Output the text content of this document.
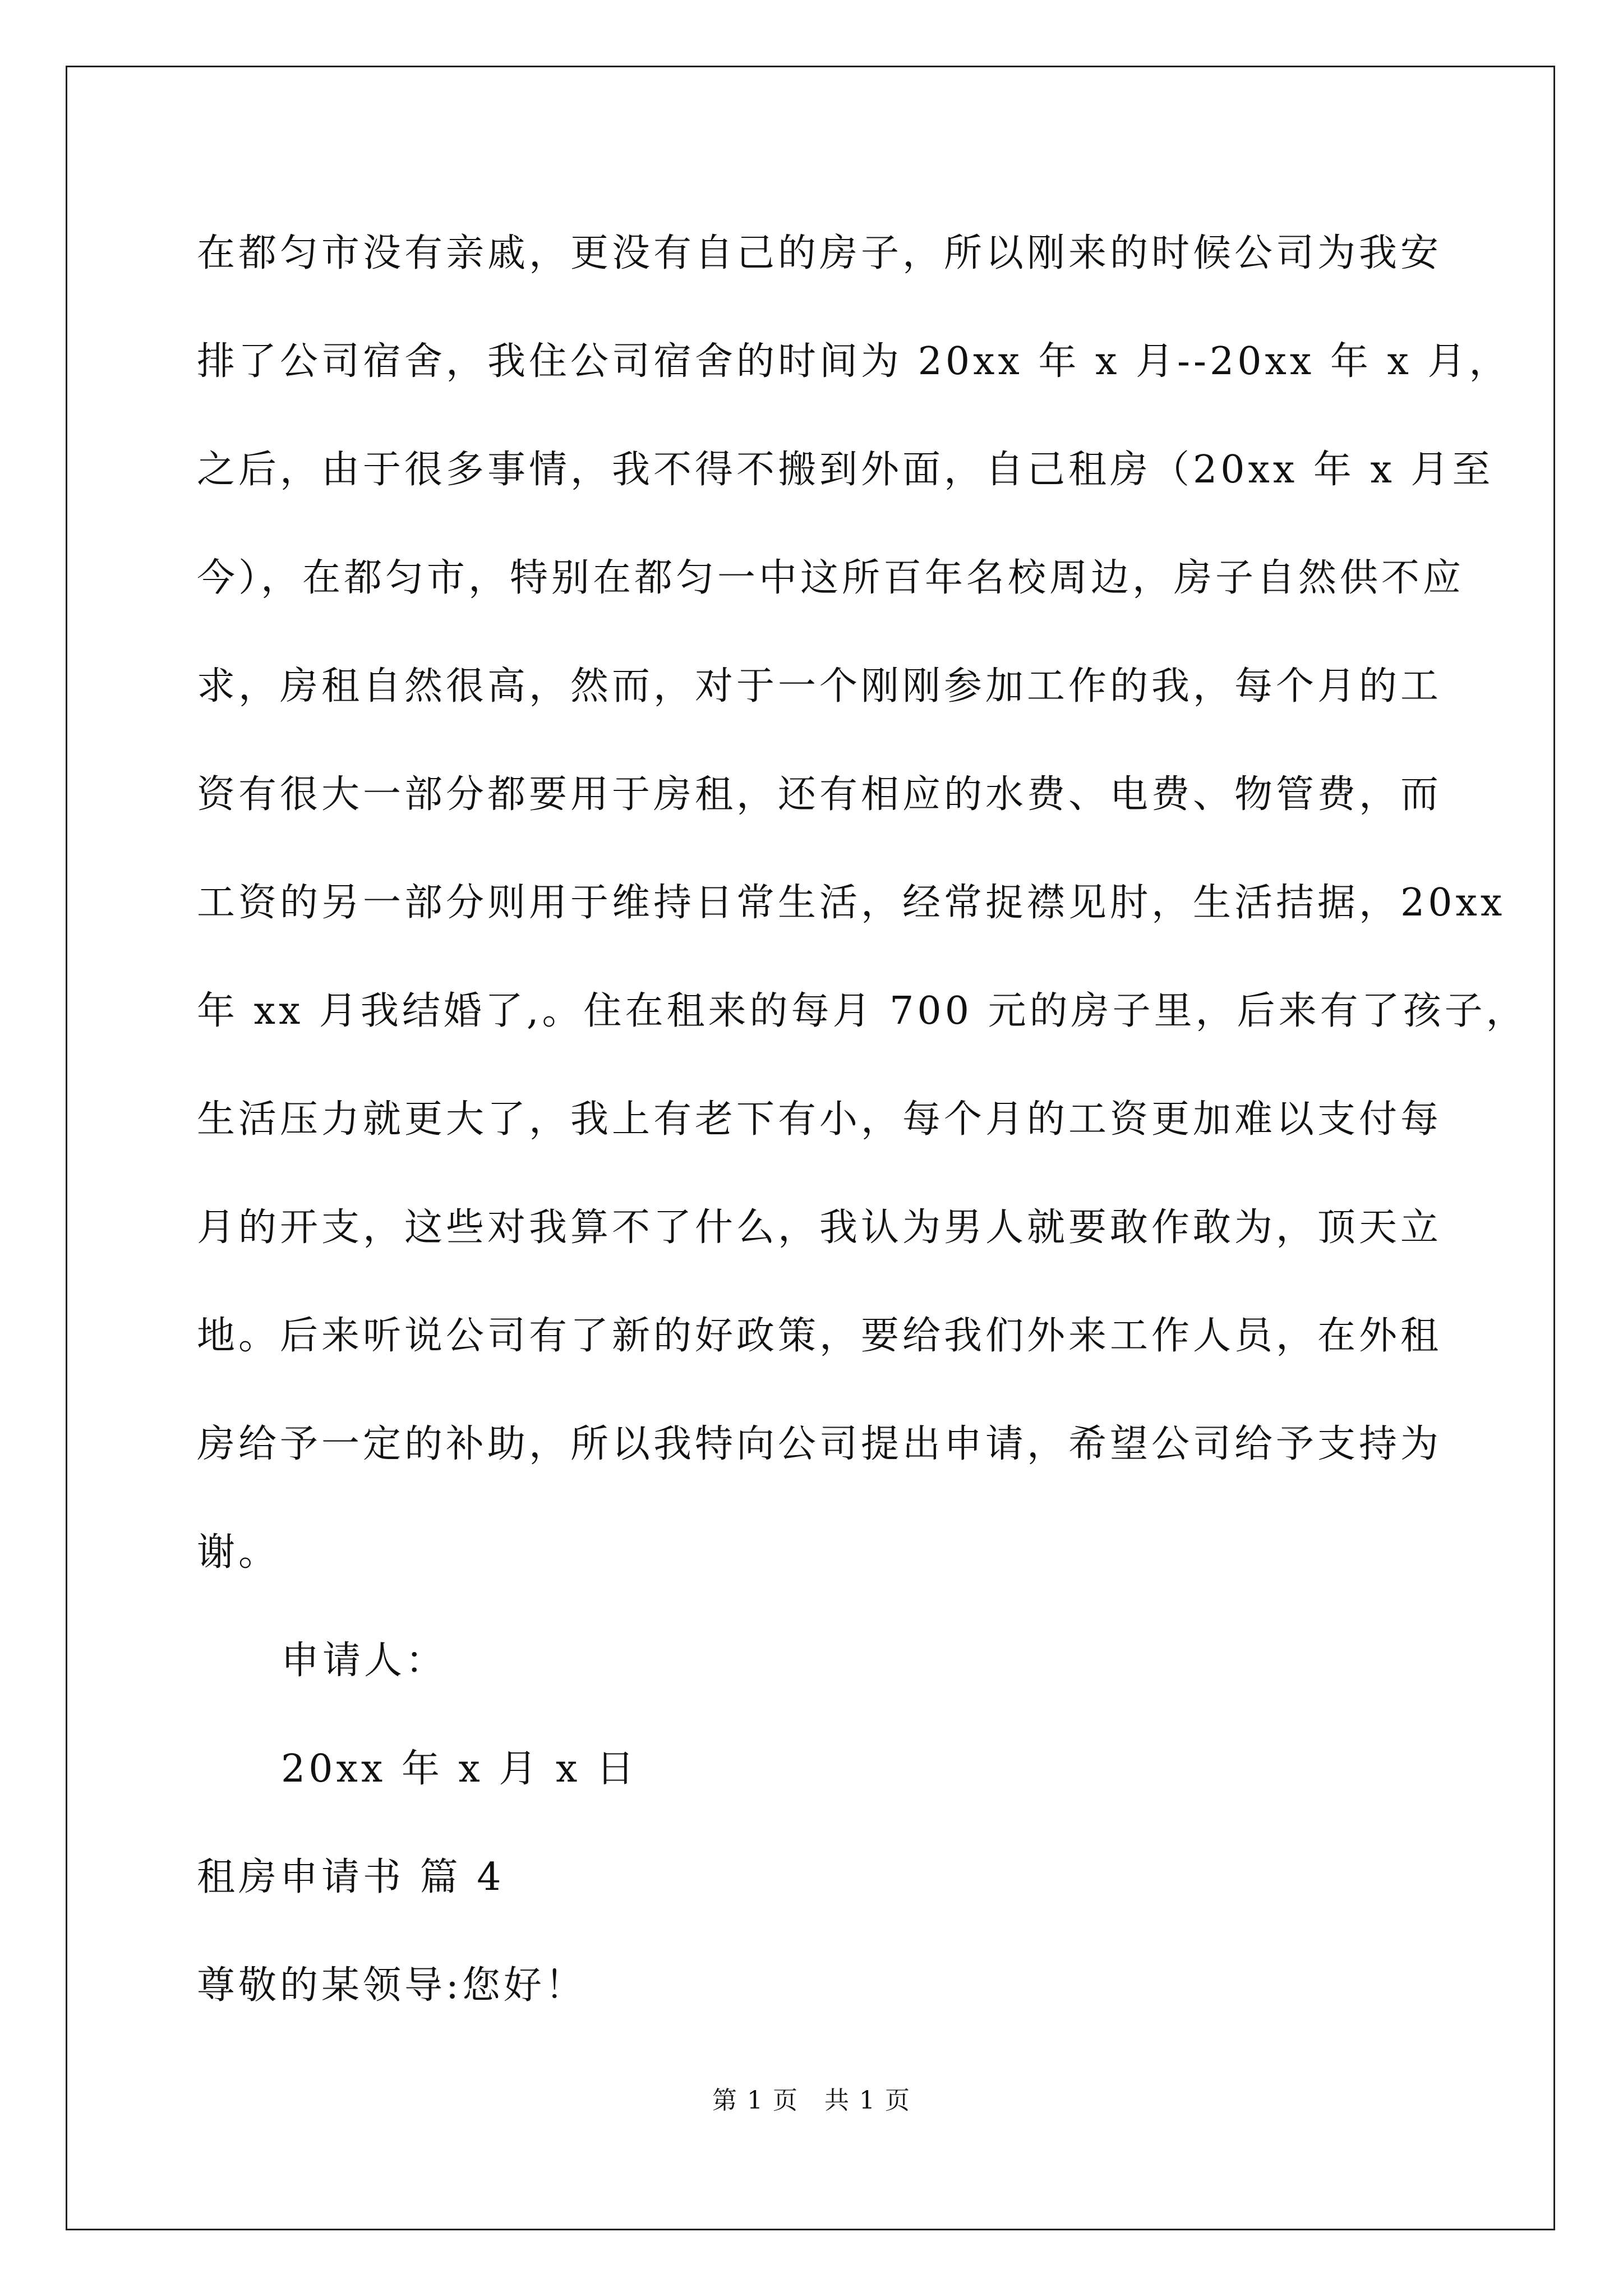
在都匀市没有亲戚，更没有自己的房子，所以刚来的时候公司为我安
排了公司宿舍，我住公司宿舍的时间为 20xx 年 x 月--20xx 年 x 月，
之后，由于很多事情，我不得不搬到外面，自己租房（20xx 年 x 月至
今），在都匀市，特别在都匀一中这所百年名校周边，房子自然供不应
求，房租自然很高，然而，对于一个刚刚参加工作的我，每个月的工
资有很大一部分都要用于房租，还有相应的水费、电费、物管费，而
工资的另一部分则用于维持日常生活，经常捉襟见肘，生活拮据，20xx
年 xx 月我结婚了,。住在租来的每月 700 元的房子里，后来有了孩子，
生活压力就更大了，我上有老下有小，每个月的工资更加难以支付每
月的开支，这些对我算不了什么，我认为男人就要敢作敢为，顶天立
地。后来听说公司有了新的好政策，要给我们外来工作人员，在外租
房给予一定的补助，所以我特向公司提出申请，希望公司给予支持为
谢。
申请人：
20xx 年 x 月 x 日
租房申请书 篇 4
尊敬的某领导:您好！
第 1 页　共 1 页
